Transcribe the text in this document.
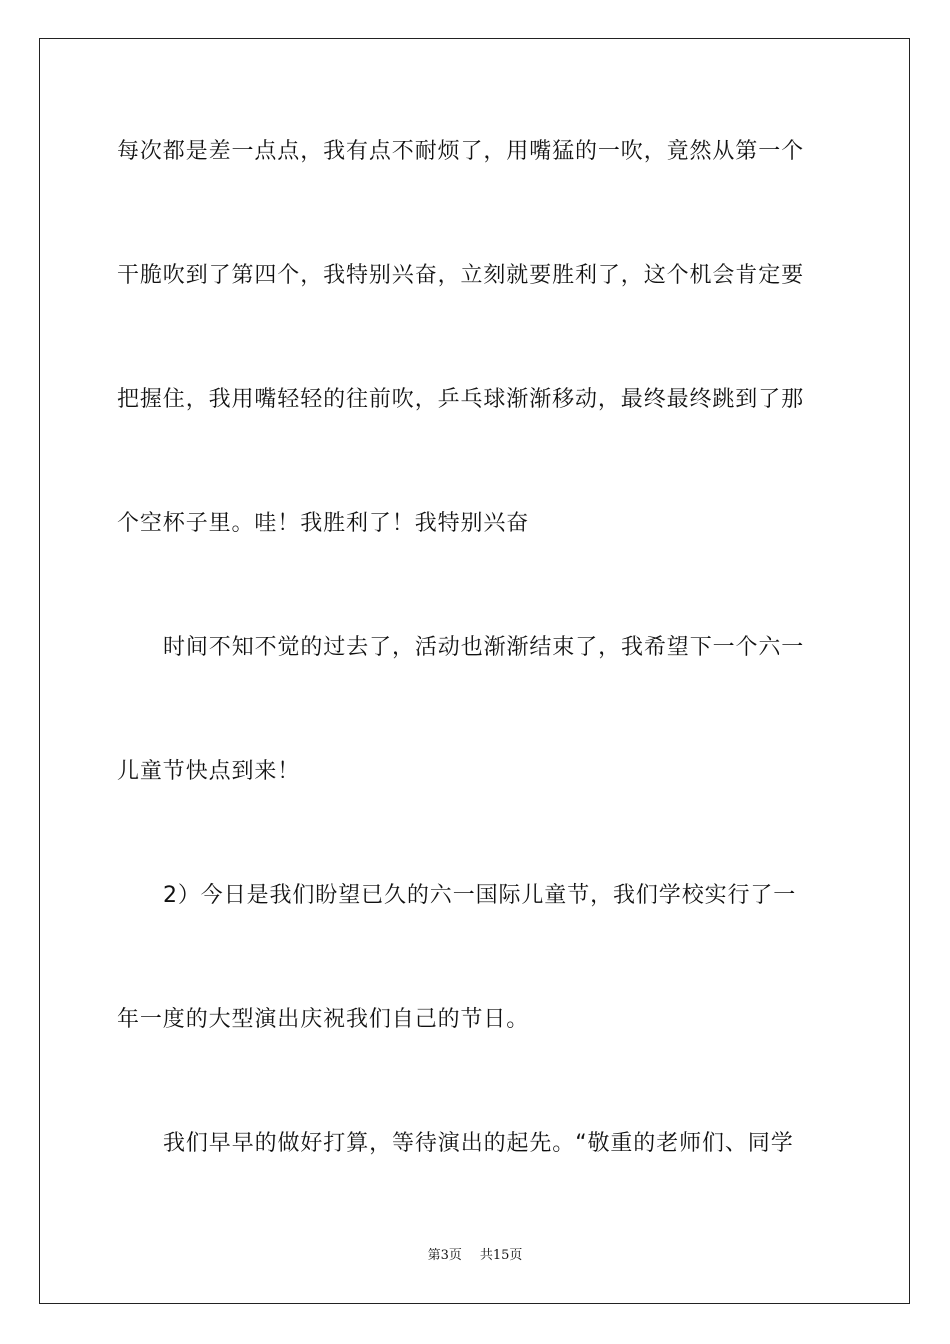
每次都是差一点点，我有点不耐烦了，用嘴猛的一吹，竟然从第一个
干脆吹到了第四个，我特别兴奋，立刻就要胜利了，这个机会肯定要
把握住，我用嘴轻轻的往前吹，乒乓球渐渐移动，最终最终跳到了那
个空杯子里。哇！我胜利了！我特别兴奋
时间不知不觉的过去了，活动也渐渐结束了，我希望下一个六一
儿童节快点到来！
2）今日是我们盼望已久的六一国际儿童节，我们学校实行了一
年一度的大型演出庆祝我们自己的节日。
我们早早的做好打算，等待演出的起先。“敬重的老师们、同学
第3页 共15页
